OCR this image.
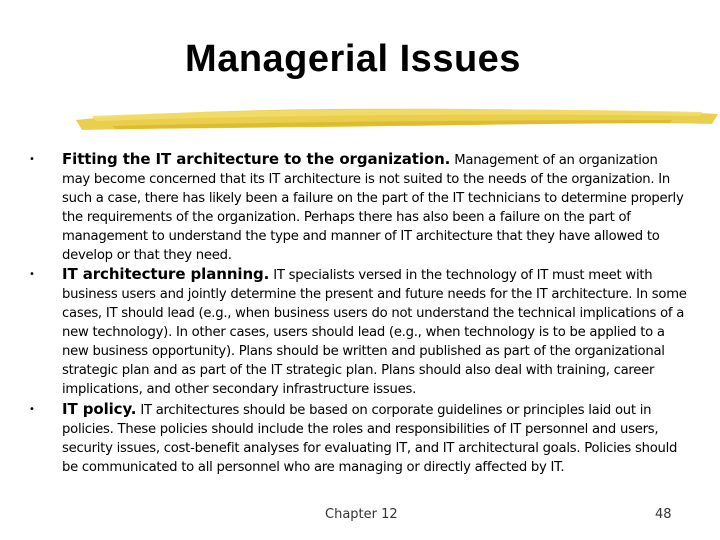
Managerial Issues
• Fitting the IT architecture to the organization. Management of an organization may become concerned that its IT architecture is not suited to the needs of the organization. In such a case, there has likely been a failure on the part of the IT technicians to determine properly the requirements of the organization. Perhaps there has also been a failure on the part of management to understand the type and manner of IT architecture that they have allowed to develop or that they need.

• IT architecture planning. IT specialists versed in the technology of IT must meet with business users and jointly determine the present and future needs for the IT architecture. In some cases, IT should lead (e.g., when business users do not understand the technical implications of a new technology). In other cases, users should lead (e.g., when technology is to be applied to a new business opportunity). Plans should be written and published as part of the organizational strategic plan and as part of the IT strategic plan. Plans should also deal with training, career implications, and other secondary infrastructure issues.

• IT policy. IT architectures should be based on corporate guidelines or principles laid out in policies. These policies should include the roles and responsibilities of IT personnel and users, security issues, cost-benefit analyses for evaluating IT, and IT architectural goals. Policies should be communicated to all personnel who are managing or directly affected by IT.

Chapter 12	48
